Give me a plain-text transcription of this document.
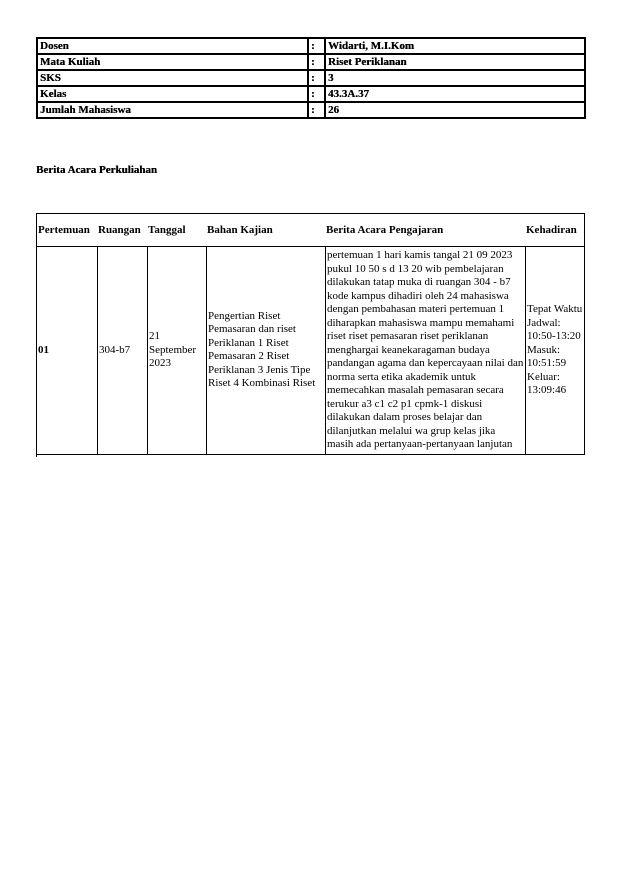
Dosen	:	Widarti, M.I.Kom
Mata Kuliah	:	Riset Periklanan
SKS	:	3
Kelas	:	43.3A.37
Jumlah Mahasiswa	:	26
Berita Acara Perkuliahan
Pertemuan	Ruangan	Tanggal	Bahan Kajian	Berita Acara Pengajaran	Kehadiran
01	304-b7	21 September 2023	Pengertian Riset Pemasaran dan riset Periklanan 1 Riset Pemasaran 2 Riset Periklanan 3 Jenis Tipe Riset 4 Kombinasi Riset	pertemuan 1 hari kamis tangal 21 09 2023 pukul 10 50 s d 13 20 wib pembelajaran dilakukan tatap muka di ruangan 304 - b7 kode kampus dihadiri oleh 24 mahasiswa dengan pembahasan materi pertemuan 1 diharapkan mahasiswa mampu memahami riset riset pemasaran riset periklanan menghargai keanekaragaman budaya pandangan agama dan kepercayaan nilai dan norma serta etika akademik untuk memecahkan masalah pemasaran secara terukur a3 c1 c2 p1 cpmk-1 diskusi dilakukan dalam proses belajar dan dilanjutkan melalui wa grup kelas jika masih ada pertanyaan-pertanyaan lanjutan	Tepat Waktu Jadwal: 10:50-13:20 Masuk: 10:51:59 Keluar: 13:09:46
